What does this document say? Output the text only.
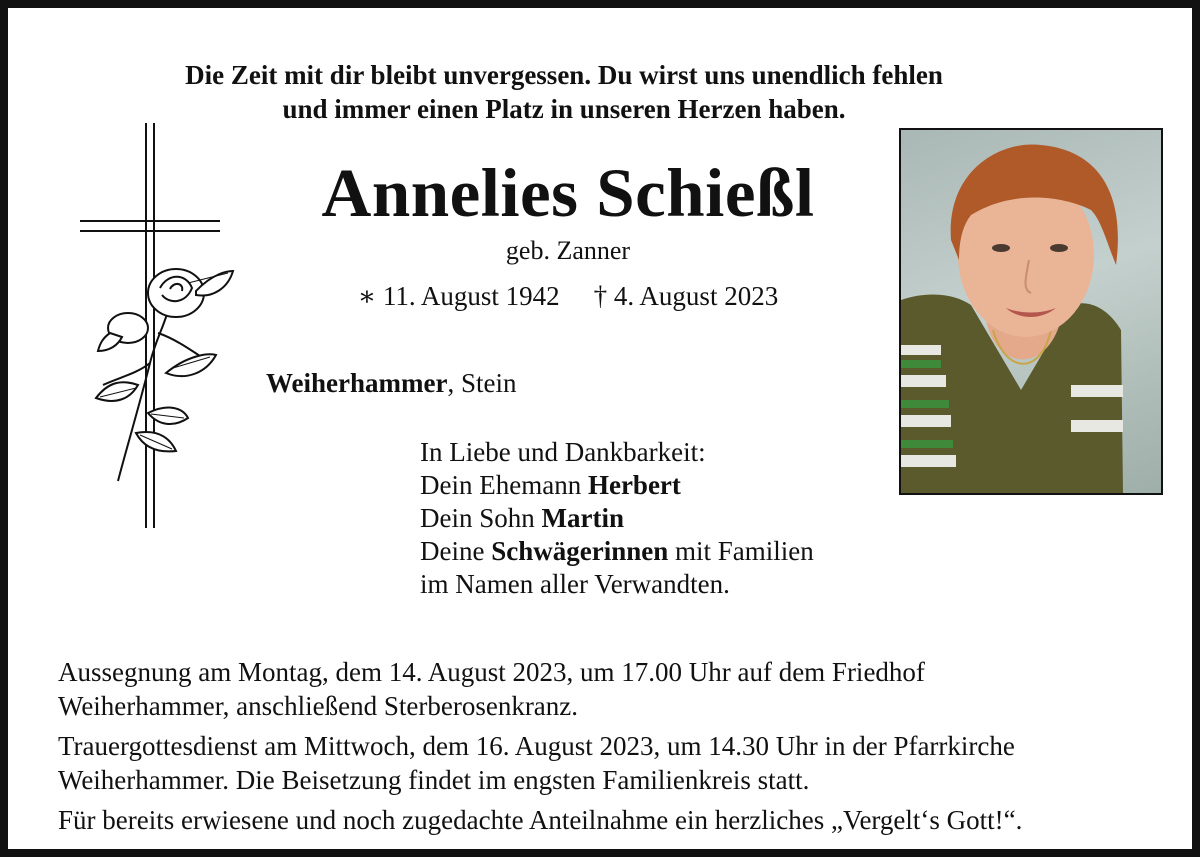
Die Zeit mit dir bleibt unvergessen. Du wirst uns unendlich fehlen
und immer einen Platz in unseren Herzen haben.
Annelies Schießl
geb. Zanner
∗ 11. August 1942 † 4. August 2023
Weiherhammer, Stein
In Liebe und Dankbarkeit:
Dein Ehemann Herbert
Dein Sohn Martin
Deine Schwägerinnen mit Familien
im Namen aller Verwandten.

Aussegnung am Montag, dem 14. August 2023, um 17.00 Uhr auf dem Friedhof
Weiherhammer, anschließend Sterberosenkranz.

Trauergottesdienst am Mittwoch, dem 16. August 2023, um 14.30 Uhr in der Pfarrkirche
Weiherhammer. Die Beisetzung findet im engsten Familienkreis statt.

Für bereits erwiesene und noch zugedachte Anteilnahme ein herzliches „Vergelt‘s Gott!“.
